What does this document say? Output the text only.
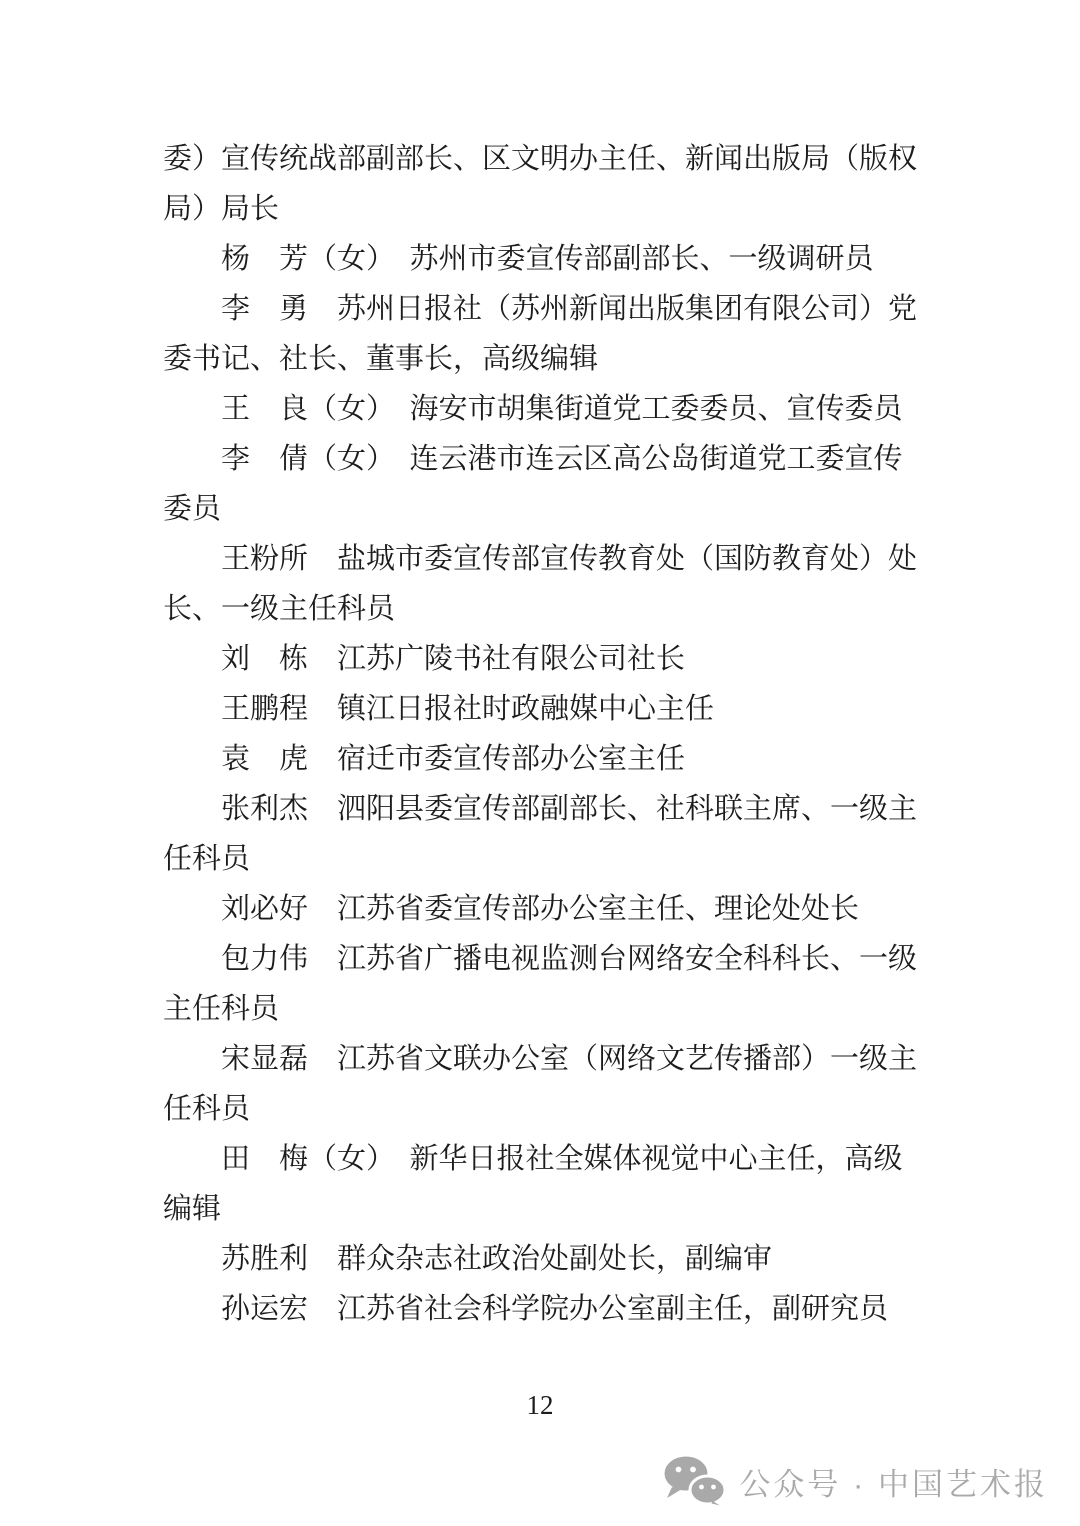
委）宣传统战部副部长、区文明办主任、新闻出版局（版权
局）局长
杨　芳（女）　苏州市委宣传部副部长、一级调研员
李　勇　苏州日报社（苏州新闻出版集团有限公司）党
委书记、社长、董事长，高级编辑
王　良（女）　海安市胡集街道党工委委员、宣传委员
李　倩（女）　连云港市连云区高公岛街道党工委宣传
委员
王粉所　盐城市委宣传部宣传教育处（国防教育处）处
长、一级主任科员
刘　栋　江苏广陵书社有限公司社长
王鹏程　镇江日报社时政融媒中心主任
袁　虎　宿迁市委宣传部办公室主任
张利杰　泗阳县委宣传部副部长、社科联主席、一级主
任科员
刘必好　江苏省委宣传部办公室主任、理论处处长
包力伟　江苏省广播电视监测台网络安全科科长、一级
主任科员
宋显磊　江苏省文联办公室（网络文艺传播部）一级主
任科员
田　梅（女）　新华日报社全媒体视觉中心主任，高级
编辑
苏胜利　群众杂志社政治处副处长，副编审
孙运宏　江苏省社会科学院办公室副主任，副研究员
12
公众号 · 中国艺术报
